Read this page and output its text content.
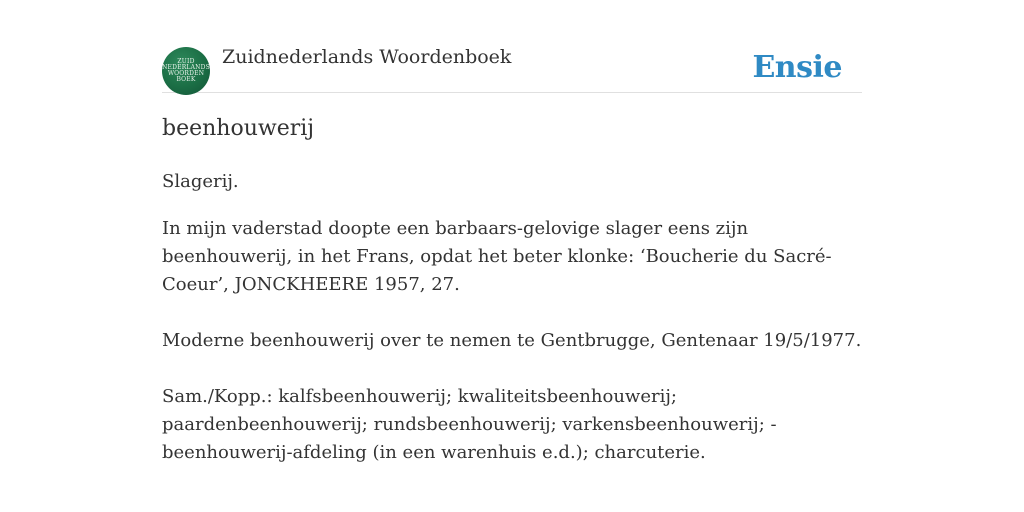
ZUID
NEDERLANDS
WOORDEN
BOEK
Zuidnederlands Woordenboek	Ensie
beenhouwerij
Slagerij.
In mijn vaderstad doopte een barbaars-gelovige slager eens zijn beenhouwerij, in het Frans, opdat het beter klonke: ‘Boucherie du Sacré-Coeur’, JONCKHEERE 1957, 27.
Moderne beenhouwerij over te nemen te Gentbrugge, Gentenaar 19/5/1977.
Sam./Kopp.: kalfsbeenhouwerij; kwaliteitsbeenhouwerij; paardenbeenhouwerij; rundsbeenhouwerij; varkensbeenhouwerij; - beenhouwerij-afdeling (in een warenhuis e.d.); charcuterie.
